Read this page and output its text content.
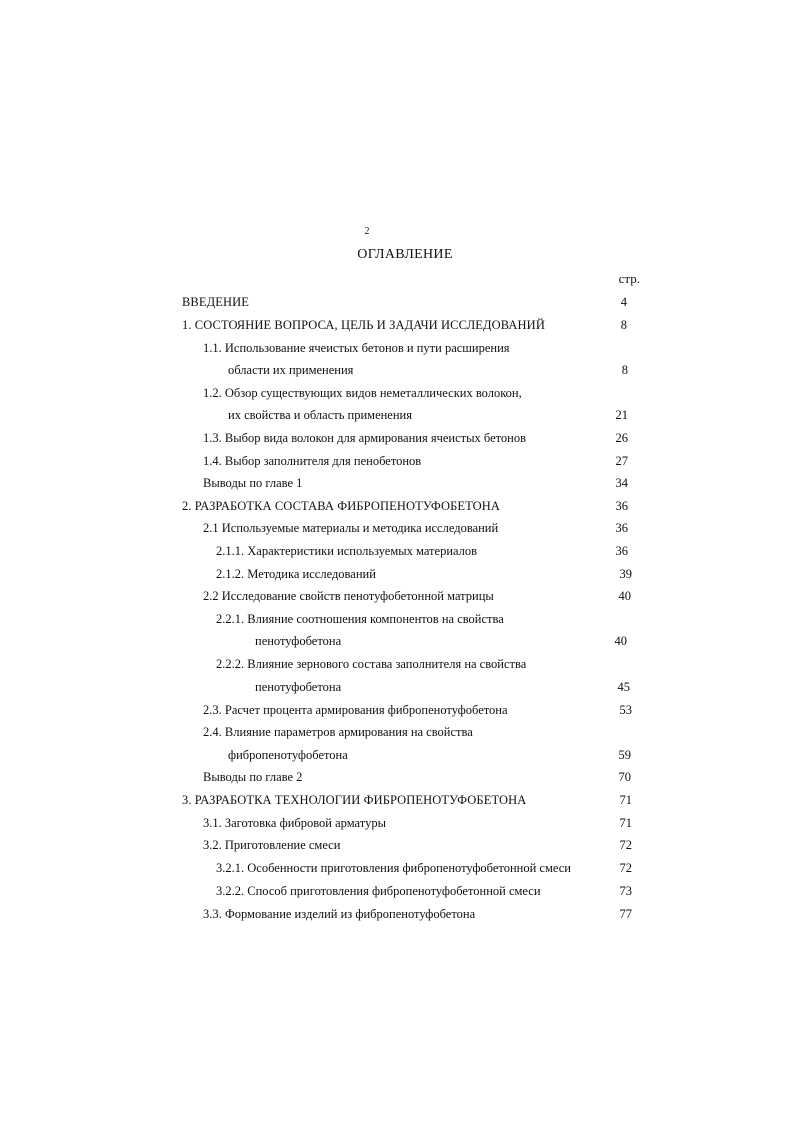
2
ОГЛАВЛЕНИЕ
стр.
ВВЕДЕНИЕ	4
1. СОСТОЯНИЕ ВОПРОСА, ЦЕЛЬ И ЗАДАЧИ ИССЛЕДОВАНИЙ	8
1.1. Использование ячеистых бетонов и пути расширения
области их применения	8
1.2. Обзор существующих видов неметаллических волокон,
их свойства и область применения	21
1.3. Выбор вида волокон для армирования ячеистых бетонов	26
1.4. Выбор заполнителя для пенобетонов	27
Выводы по главе 1	34
2. РАЗРАБОТКА СОСТАВА ФИБРОПЕНОТУФОБЕТОНА	36
2.1 Используемые материалы и методика исследований	36
2.1.1. Характеристики используемых материалов	36
2.1.2. Методика исследований	39
2.2 Исследование свойств пенотуфобетонной матрицы	40
2.2.1. Влияние соотношения компонентов на свойства
пенотуфобетона	40
2.2.2. Влияние зернового состава заполнителя на свойства
пенотуфобетона	45
2.3. Расчет процента армирования фибропенотуфобетона	53
2.4. Влияние параметров армирования на свойства
фибропенотуфобетона	59
Выводы по главе 2	70
3. РАЗРАБОТКА ТЕХНОЛОГИИ ФИБРОПЕНОТУФОБЕТОНА	71
3.1. Заготовка фибровой арматуры	71
3.2. Приготовление смеси	72
3.2.1. Особенности приготовления фибропенотуфобетонной смеси	72
3.2.2. Способ приготовления фибропенотуфобетонной смеси	73
3.3. Формование изделий из фибропенотуфобетона	77
